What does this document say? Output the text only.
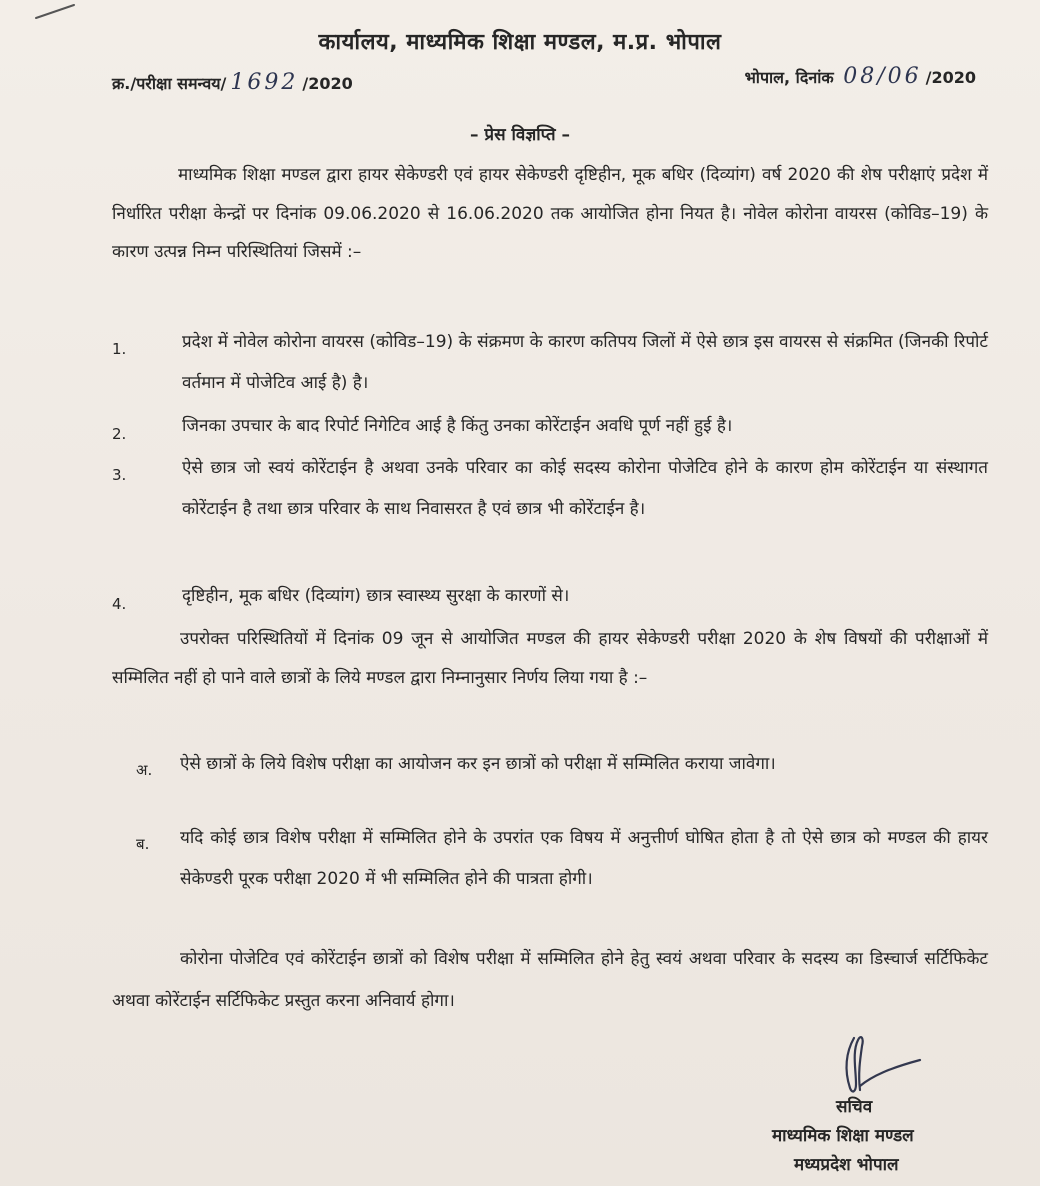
कार्यालय, माध्यमिक शिक्षा मण्डल, म.प्र. भोपाल
क्र./परीक्षा समन्वय/ 1692 /2020	भोपाल, दिनांक 08/06 /2020
– प्रेस विज्ञप्ति –
माध्यमिक शिक्षा मण्डल द्वारा हायर सेकेण्डरी एवं हायर सेकेण्डरी दृष्टिहीन, मूक बधिर (दिव्यांग) वर्ष 2020 की शेष परीक्षाएं प्रदेश में निर्धारित परीक्षा केन्द्रों पर दिनांक 09.06.2020 से 16.06.2020 तक आयोजित होना नियत है। नोवेल कोरोना वायरस (कोविड–19) के कारण उत्पन्न निम्न परिस्थितियां जिसमें :–
1.	प्रदेश में नोवेल कोरोना वायरस (कोविड–19) के संक्रमण के कारण कतिपय जिलों में ऐसे छात्र इस वायरस से संक्रमित (जिनकी रिपोर्ट वर्तमान में पोजेटिव आई है) है।
2.	जिनका उपचार के बाद रिपोर्ट निगेटिव आई है किंतु उनका कोरेंटाईन अवधि पूर्ण नहीं हुई है।
3.	ऐसे छात्र जो स्वयं कोरेंटाईन है अथवा उनके परिवार का कोई सदस्य कोरोना पोजेटिव होने के कारण होम कोरेंटाईन या संस्थागत कोरेंटाईन है तथा छात्र परिवार के साथ निवासरत है एवं छात्र भी कोरेंटाईन है।
4.	दृष्टिहीन, मूक बधिर (दिव्यांग) छात्र स्वास्थ्य सुरक्षा के कारणों से।
उपरोक्त परिस्थितियों में दिनांक 09 जून से आयोजित मण्डल की हायर सेकेण्डरी परीक्षा 2020 के शेष विषयों की परीक्षाओं में सम्मिलित नहीं हो पाने वाले छात्रों के लिये मण्डल द्वारा निम्नानुसार निर्णय लिया गया है :–
अ. ऐसे छात्रों के लिये विशेष परीक्षा का आयोजन कर इन छात्रों को परीक्षा में सम्मिलित कराया जावेगा।
ब. यदि कोई छात्र विशेष परीक्षा में सम्मिलित होने के उपरांत एक विषय में अनुत्तीर्ण घोषित होता है तो ऐसे छात्र को मण्डल की हायर सेकेण्डरी पूरक परीक्षा 2020 में भी सम्मिलित होने की पात्रता होगी।
कोरोना पोजेटिव एवं कोरेंटाईन छात्रों को विशेष परीक्षा में सम्मिलित होने हेतु स्वयं अथवा परिवार के सदस्य का डिस्चार्ज सर्टिफिकेट अथवा कोरेंटाईन सर्टिफिकेट प्रस्तुत करना अनिवार्य होगा।
सचिव
माध्यमिक शिक्षा मण्डल
मध्यप्रदेश भोपाल
